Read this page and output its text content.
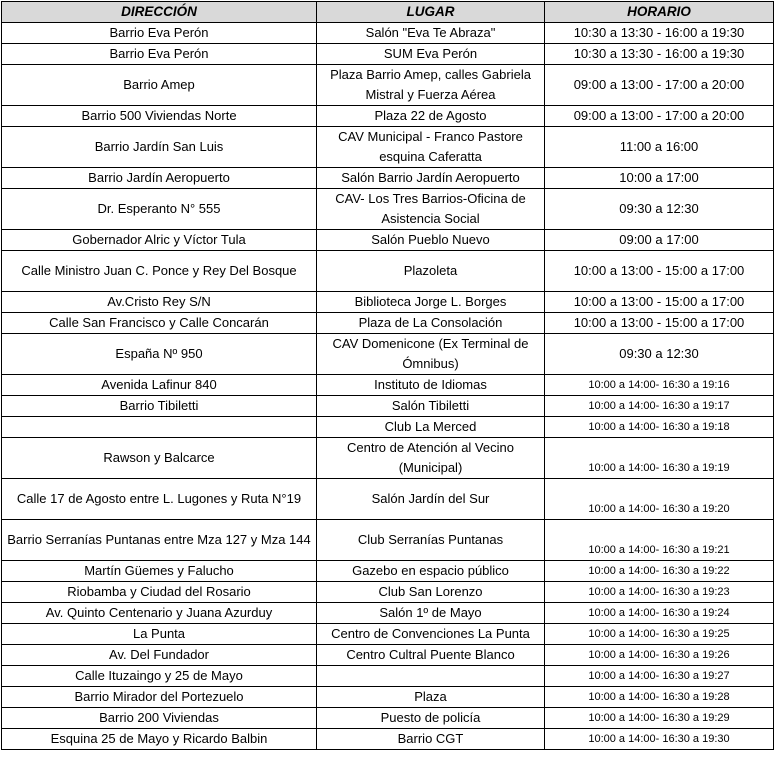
DIRECCIÓN	LUGAR	HORARIO
Barrio Eva Perón	Salón "Eva Te Abraza"	10:30 a 13:30 - 16:00 a 19:30
Barrio Eva Perón	SUM Eva Perón	10:30 a 13:30 - 16:00 a 19:30
Barrio Amep	Plaza Barrio Amep, calles Gabriela Mistral y Fuerza Aérea	09:00 a 13:00 - 17:00 a 20:00
Barrio 500 Viviendas Norte	Plaza 22 de Agosto	09:00 a 13:00 - 17:00 a 20:00
Barrio Jardín San Luis	CAV Municipal - Franco Pastore esquina Caferatta	11:00 a 16:00
Barrio Jardín Aeropuerto	Salón Barrio Jardín Aeropuerto	10:00 a 17:00
Dr. Esperanto N° 555	CAV- Los Tres Barrios-Oficina de Asistencia Social	09:30 a 12:30
Gobernador Alric y Víctor Tula	Salón Pueblo Nuevo	09:00 a 17:00
Calle Ministro Juan C. Ponce y Rey Del Bosque	Plazoleta	10:00 a 13:00 - 15:00 a 17:00
Av.Cristo Rey S/N	Biblioteca Jorge L. Borges	10:00 a 13:00 - 15:00 a 17:00
Calle San Francisco y Calle Concarán	Plaza de La Consolación	10:00 a 13:00 - 15:00 a 17:00
España Nº 950	CAV Domenicone (Ex Terminal de Ómnibus)	09:30 a 12:30
Avenida Lafinur 840	Instituto de Idiomas	10:00 a 14:00- 16:30 a 19:16
Barrio Tibiletti	Salón Tibiletti	10:00 a 14:00- 16:30 a 19:17
	Club La Merced	10:00 a 14:00- 16:30 a 19:18
Rawson y Balcarce	Centro de Atención al Vecino (Municipal)	10:00 a 14:00- 16:30 a 19:19
Calle 17 de Agosto entre L. Lugones y Ruta N°19	Salón Jardín del Sur	10:00 a 14:00- 16:30 a 19:20
Barrio Serranías Puntanas entre Mza 127 y Mza 144	Club Serranías Puntanas	10:00 a 14:00- 16:30 a 19:21
Martín Güemes y Falucho	Gazebo en espacio público	10:00 a 14:00- 16:30 a 19:22
Riobamba y Ciudad del Rosario	Club San Lorenzo	10:00 a 14:00- 16:30 a 19:23
Av. Quinto Centenario y Juana Azurduy	Salón 1º de Mayo	10:00 a 14:00- 16:30 a 19:24
La Punta	Centro de Convenciones La Punta	10:00 a 14:00- 16:30 a 19:25
Av. Del Fundador	Centro Cultral Puente Blanco	10:00 a 14:00- 16:30 a 19:26
Calle Ituzaingo y 25 de Mayo		10:00 a 14:00- 16:30 a 19:27
Barrio Mirador del Portezuelo	Plaza	10:00 a 14:00- 16:30 a 19:28
Barrio 200 Viviendas	Puesto de policía	10:00 a 14:00- 16:30 a 19:29
Esquina 25 de Mayo y Ricardo Balbin	Barrio CGT	10:00 a 14:00- 16:30 a 19:30
